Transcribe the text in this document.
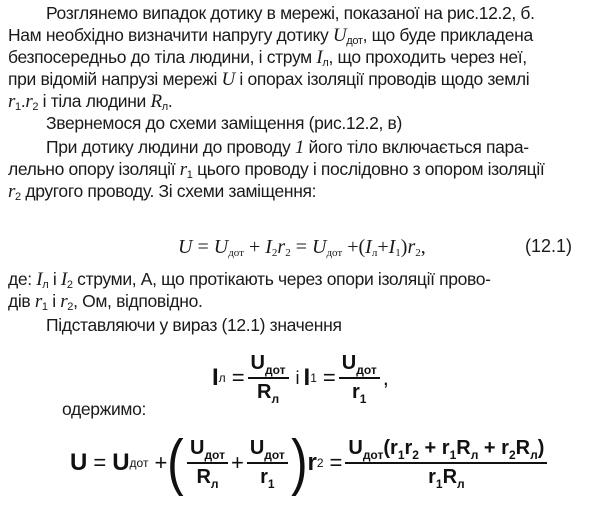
Розглянемо випадок дотику в мережі, показаної на рис.12.2, б.
Нам необхідно визначити напругу дотику $U_{дот}$, що буде прикладена
безпосередньо до тіла людини, і струм $I_л$, що проходить через неї,
при відомій напрузі мережі U і опорах ізоляції проводів щодо землі
$r_1.r_2$ і тіла людини $R_л$.
Звернемося до схеми заміщення (рис.12.2, в)
При дотику людини до проводу 1 його тіло включається пара-
лельно опору ізоляції $r_1$ цього проводу і послідовно з опором ізоляції
$r_2$ другого проводу. Зі схеми заміщення:
$U = U_{дот} + I_2r_2 = U_{дот} +(I_л+I_1)r_2$,	(12.1)
де: $I_л$ і $I_2$ струми, А, що протікають через опори ізоляції прово-
дів $r_1$ і $r_2$, Ом, відповідно.
Підставляючи у вираз (12.1) значення
I $л = \frac{U_{дот}}{R_л}$ і I $1 = \frac{U_{дот}}{r_1}$ ,
одержимо:
U = U дот + ( $\frac{U_{дот}}{R_л} + \frac{U_{дот}}{r_1}$ ) r $2 = \frac{U_{дот}(r_1r_2 + r_1R_л + r_2R_л)}{r_1R_л}$
